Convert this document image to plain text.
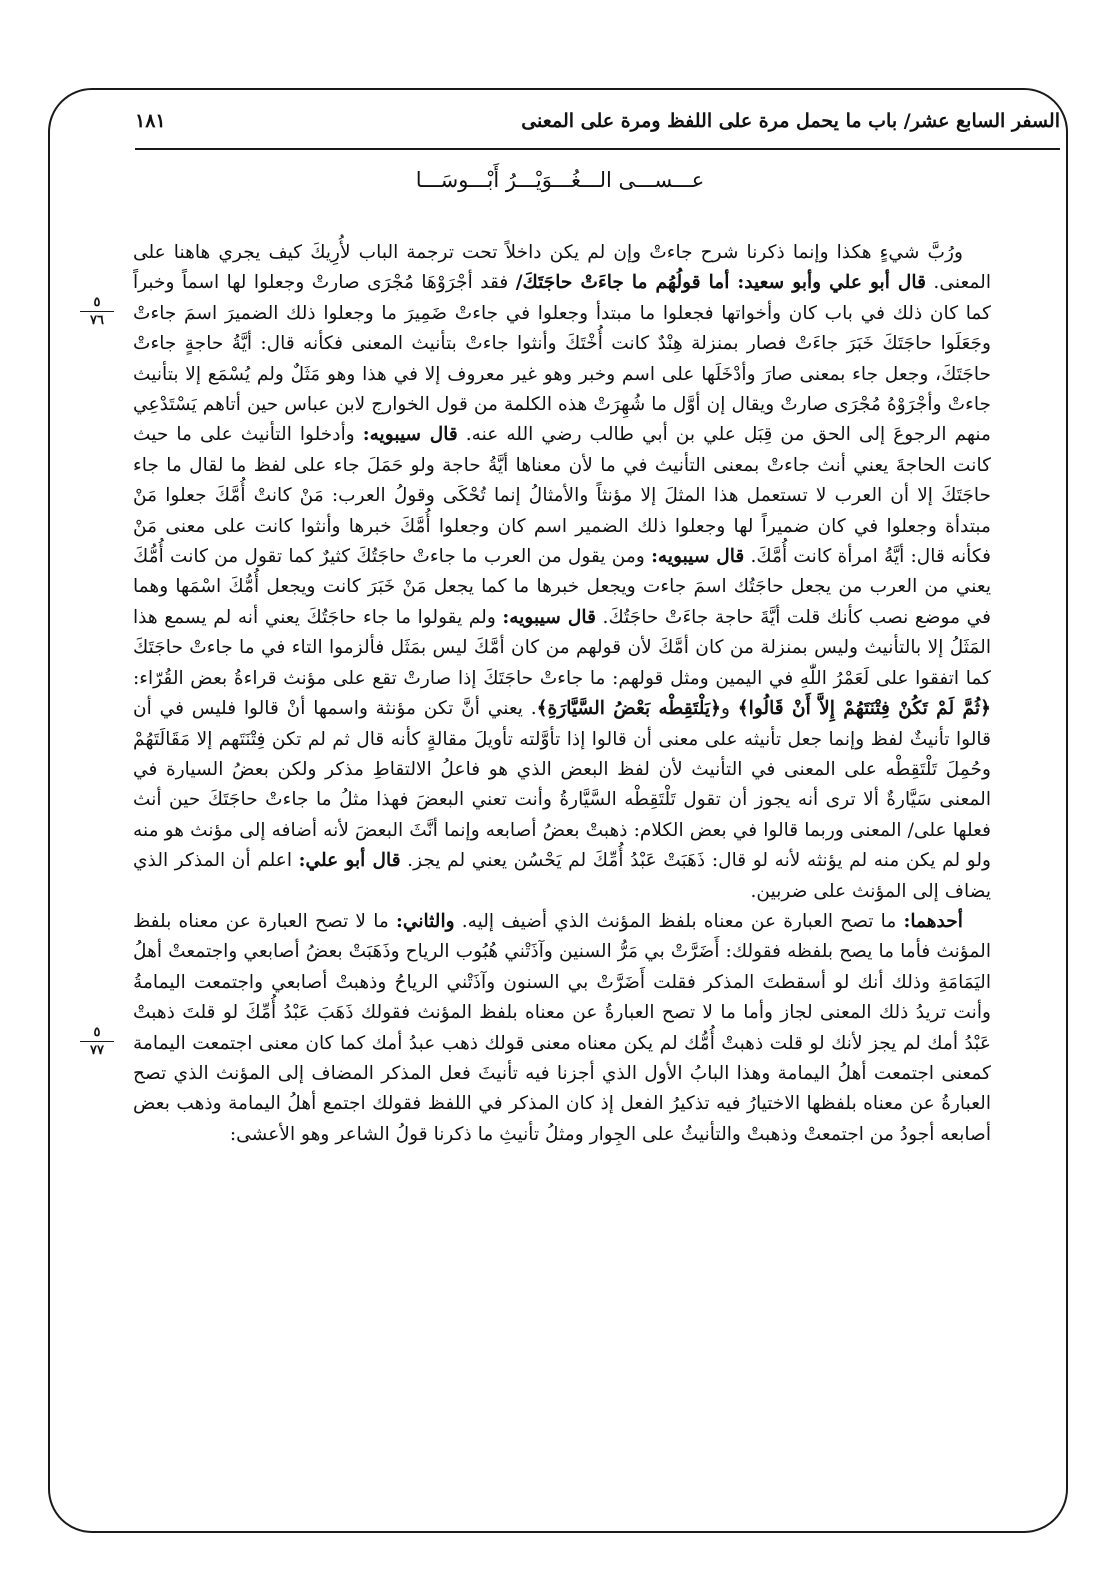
السفر السابع عشر/ باب ما يحمل مرة على اللفظ ومرة على المعنى
١٨١
عـــســـى الـــغُـــوَيْـــرُ أَبْـــوسَـــا
٥
٧٦
٥
٧٧

ورُبَّ شيءٍ هكذا وإنما ذكرنا شرح جاءتْ وإن لم يكن داخلاً تحت ترجمة الباب لأُرِيكَ كيف يجري هاهنا على المعنى. قال أبو علي وأبو سعيد: أما قولُهُم ما جاءَتْ حاجَتَكَ/ فقد أجْرَوْهَا مُجْرَى صارتْ وجعلوا لها اسماً وخبراً كما كان ذلك في باب كان وأخواتها فجعلوا ما مبتدأ وجعلوا في جاءتْ ضَمِيرَ ما وجعلوا ذلك الضميرَ اسمَ جاءتْ وجَعَلَوا حاجَتَكَ خَبَرَ جاءَتْ فصار بمنزلة هِنْدٌ كانت أُخْتَكَ وأنثوا جاءتْ بتأنيث المعنى فكأنه قال: أيَّةُ حاجةٍ جاءتْ حاجَتَكَ، وجعل جاء بمعنى صارَ وأدْخَلَها على اسم وخبر وهو غير معروف إلا في هذا وهو مَثَلٌ ولم يُسْمَع إلا بتأنيث جاءتْ وأجْرَوْهُ مُجْرَى صارتْ ويقال إن أوَّل ما شُهِرَتْ هذه الكلمة من قول الخوارج لابن عباس حين أتاهم يَسْتَدْعِي منهم الرجوعَ إلى الحق من قِبَل علي بن أبي طالب رضي الله عنه. قال سيبويه: وأدخلوا التأنيث على ما حيث كانت الحاجةَ يعني أنث جاءتْ بمعنى التأنيث في ما لأن معناها أيَّةُ حاجة ولو حَمَلَ جاء على لفظ ما لقال ما جاء حاجَتَكَ إلا أن العرب لا تستعمل هذا المثلَ إلا مؤنثاً والأمثالُ إنما تُحْكَى وقولُ العرب: مَنْ كانتْ أُمَّكَ جعلوا مَنْ مبتدأة وجعلوا في كان ضميراً لها وجعلوا ذلك الضمير اسم كان وجعلوا أُمَّكَ خبرها وأنثوا كانت على معنى مَنْ فكأنه قال: أيَّةُ امرأة كانت أُمَّكَ. قال سيبويه: ومن يقول من العرب ما جاءتْ حاجَتُكَ كثيرٌ كما تقول من كانت أُمُّكَ يعني من العرب من يجعل حاجَتُك اسمَ جاءت ويجعل خبرها ما كما يجعل مَنْ خَبَرَ كانت ويجعل أُمُّكَ اسْمَها وهما في موضع نصب كأنك قلت أيَّةَ حاجة جاءَتْ حاجَتُكَ. قال سيبويه: ولم يقولوا ما جاء حاجَتُكَ يعني أنه لم يسمع هذا المَثَلُ إلا بالتأنيث وليس بمنزلة من كان أمَّكَ لأن قولهم من كان أمَّكَ ليس بمَثَل فألزموا التاء في ما جاءتْ حاجَتَكَ كما اتفقوا على لَعَمْرُ اللّٰهِ في اليمين ومثل قولهم: ما جاءتْ حاجَتَكَ إذا صارتْ تقع على مؤنث قراءةُ بعض القُرّاء: ﴿ثُمَّ لَمْ تَكُنْ فِتْنَتَهُمْ إِلاَّ أَنْ قَالُوا﴾ و﴿يَلْتَقِطْه بَعْضُ السَّيَّارَةِ﴾. يعني أنَّ تكن مؤنثة واسمها أنْ قالوا فليس في أن قالوا تأنيثٌ لفظ وإنما جعل تأنيثه على معنى أن قالوا إذا تأوَّلته تأويلَ مقالةٍ كأنه قال ثم لم تكن فِتْنَتَهم إلا مَقَالَتَهُمْ وحُمِلَ تَلْتَقِطْه على المعنى في التأنيث لأن لفظ البعض الذي هو فاعلُ الالتقاطِ مذكر ولكن بعضُ السيارة في المعنى سَيَّارةٌ ألا ترى أنه يجوز أن تقول تَلْتَقِطْه السَّيَّارةُ وأنت تعني البعضَ فهذا مثلُ ما جاءتْ حاجَتَكَ حين أنث فعلها على/ المعنى وربما قالوا في بعض الكلام: ذهبتْ بعضُ أصابعه وإنما أنَّثَ البعضَ لأنه أضافه إلى مؤنث هو منه ولو لم يكن منه لم يؤنثه لأنه لو قال: ذَهَبَتْ عَبْدُ أُمِّكَ لم يَحْسُن يعني لم يجز. قال أبو علي: اعلم أن المذكر الذي يضاف إلى المؤنث على ضربين.

أحدهما: ما تصح العبارة عن معناه بلفظ المؤنث الذي أضيف إليه. والثاني: ما لا تصح العبارة عن معناه بلفظ المؤنث فأما ما يصح بلفظه فقولك: أَضَرَّتْ بي مَرُّ السنين وآذَتْني هُبُوب الرياح وذَهَبَتْ بعضُ أصابعي واجتمعتْ أهلُ اليَمَامَةِ وذلك أنك لو أسقطتَ المذكر فقلت أَضَرَّتْ بي السنون وآذَتْني الرياحُ وذهبتْ أصابعي واجتمعت اليمامةُ وأنت تريدُ ذلك المعنى لجاز وأما ما لا تصح العبارةُ عن معناه بلفظ المؤنث فقولك ذَهَبَ عَبْدُ أُمِّكَ لو قلتَ ذهبتْ عَبْدُ أمك لم يجز لأنك لو قلت ذهبتْ أُمُّك لم يكن معناه معنى قولك ذهب عبدُ أمك كما كان معنى اجتمعت اليمامة كمعنى اجتمعت أهلُ اليمامة وهذا البابُ الأول الذي أجزنا فيه تأنيثَ فعل المذكر المضاف إلى المؤنث الذي تصح العبارةُ عن معناه بلفظها الاختيارُ فيه تذكيرُ الفعل إذ كان المذكر في اللفظ فقولك اجتمع أهلُ اليمامة وذهب بعض أصابعه أجودُ من اجتمعتْ وذهبتْ والتأنيثُ على الجِوار ومثلُ تأنيثِ ما ذكرنا قولُ الشاعر وهو الأعشى:
